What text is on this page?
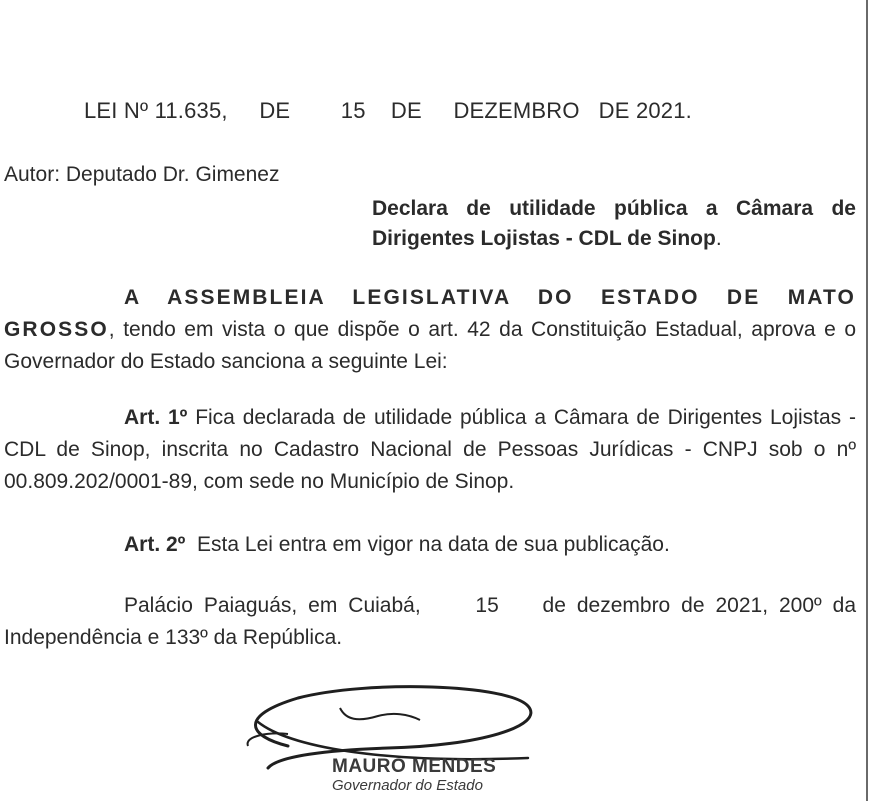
LEI Nº 11.635, DE 15 DE DEZEMBRO DE 2021.
Autor: Deputado Dr. Gimenez
Declara de utilidade pública a Câmara de Dirigentes Lojistas - CDL de Sinop.
A ASSEMBLEIA LEGISLATIVA DO ESTADO DE MATO GROSSO, tendo em vista o que dispõe o art. 42 da Constituição Estadual, aprova e o Governador do Estado sanciona a seguinte Lei:
Art. 1º Fica declarada de utilidade pública a Câmara de Dirigentes Lojistas - CDL de Sinop, inscrita no Cadastro Nacional de Pessoas Jurídicas - CNPJ sob o nº 00.809.202/0001-89, com sede no Município de Sinop.
Art. 2º  Esta Lei entra em vigor na data de sua publicação.
Palácio Paiaguás, em Cuiabá,     15    de dezembro de 2021, 200º da Independência e 133º da República.
MAURO MENDES
Governador do Estado
